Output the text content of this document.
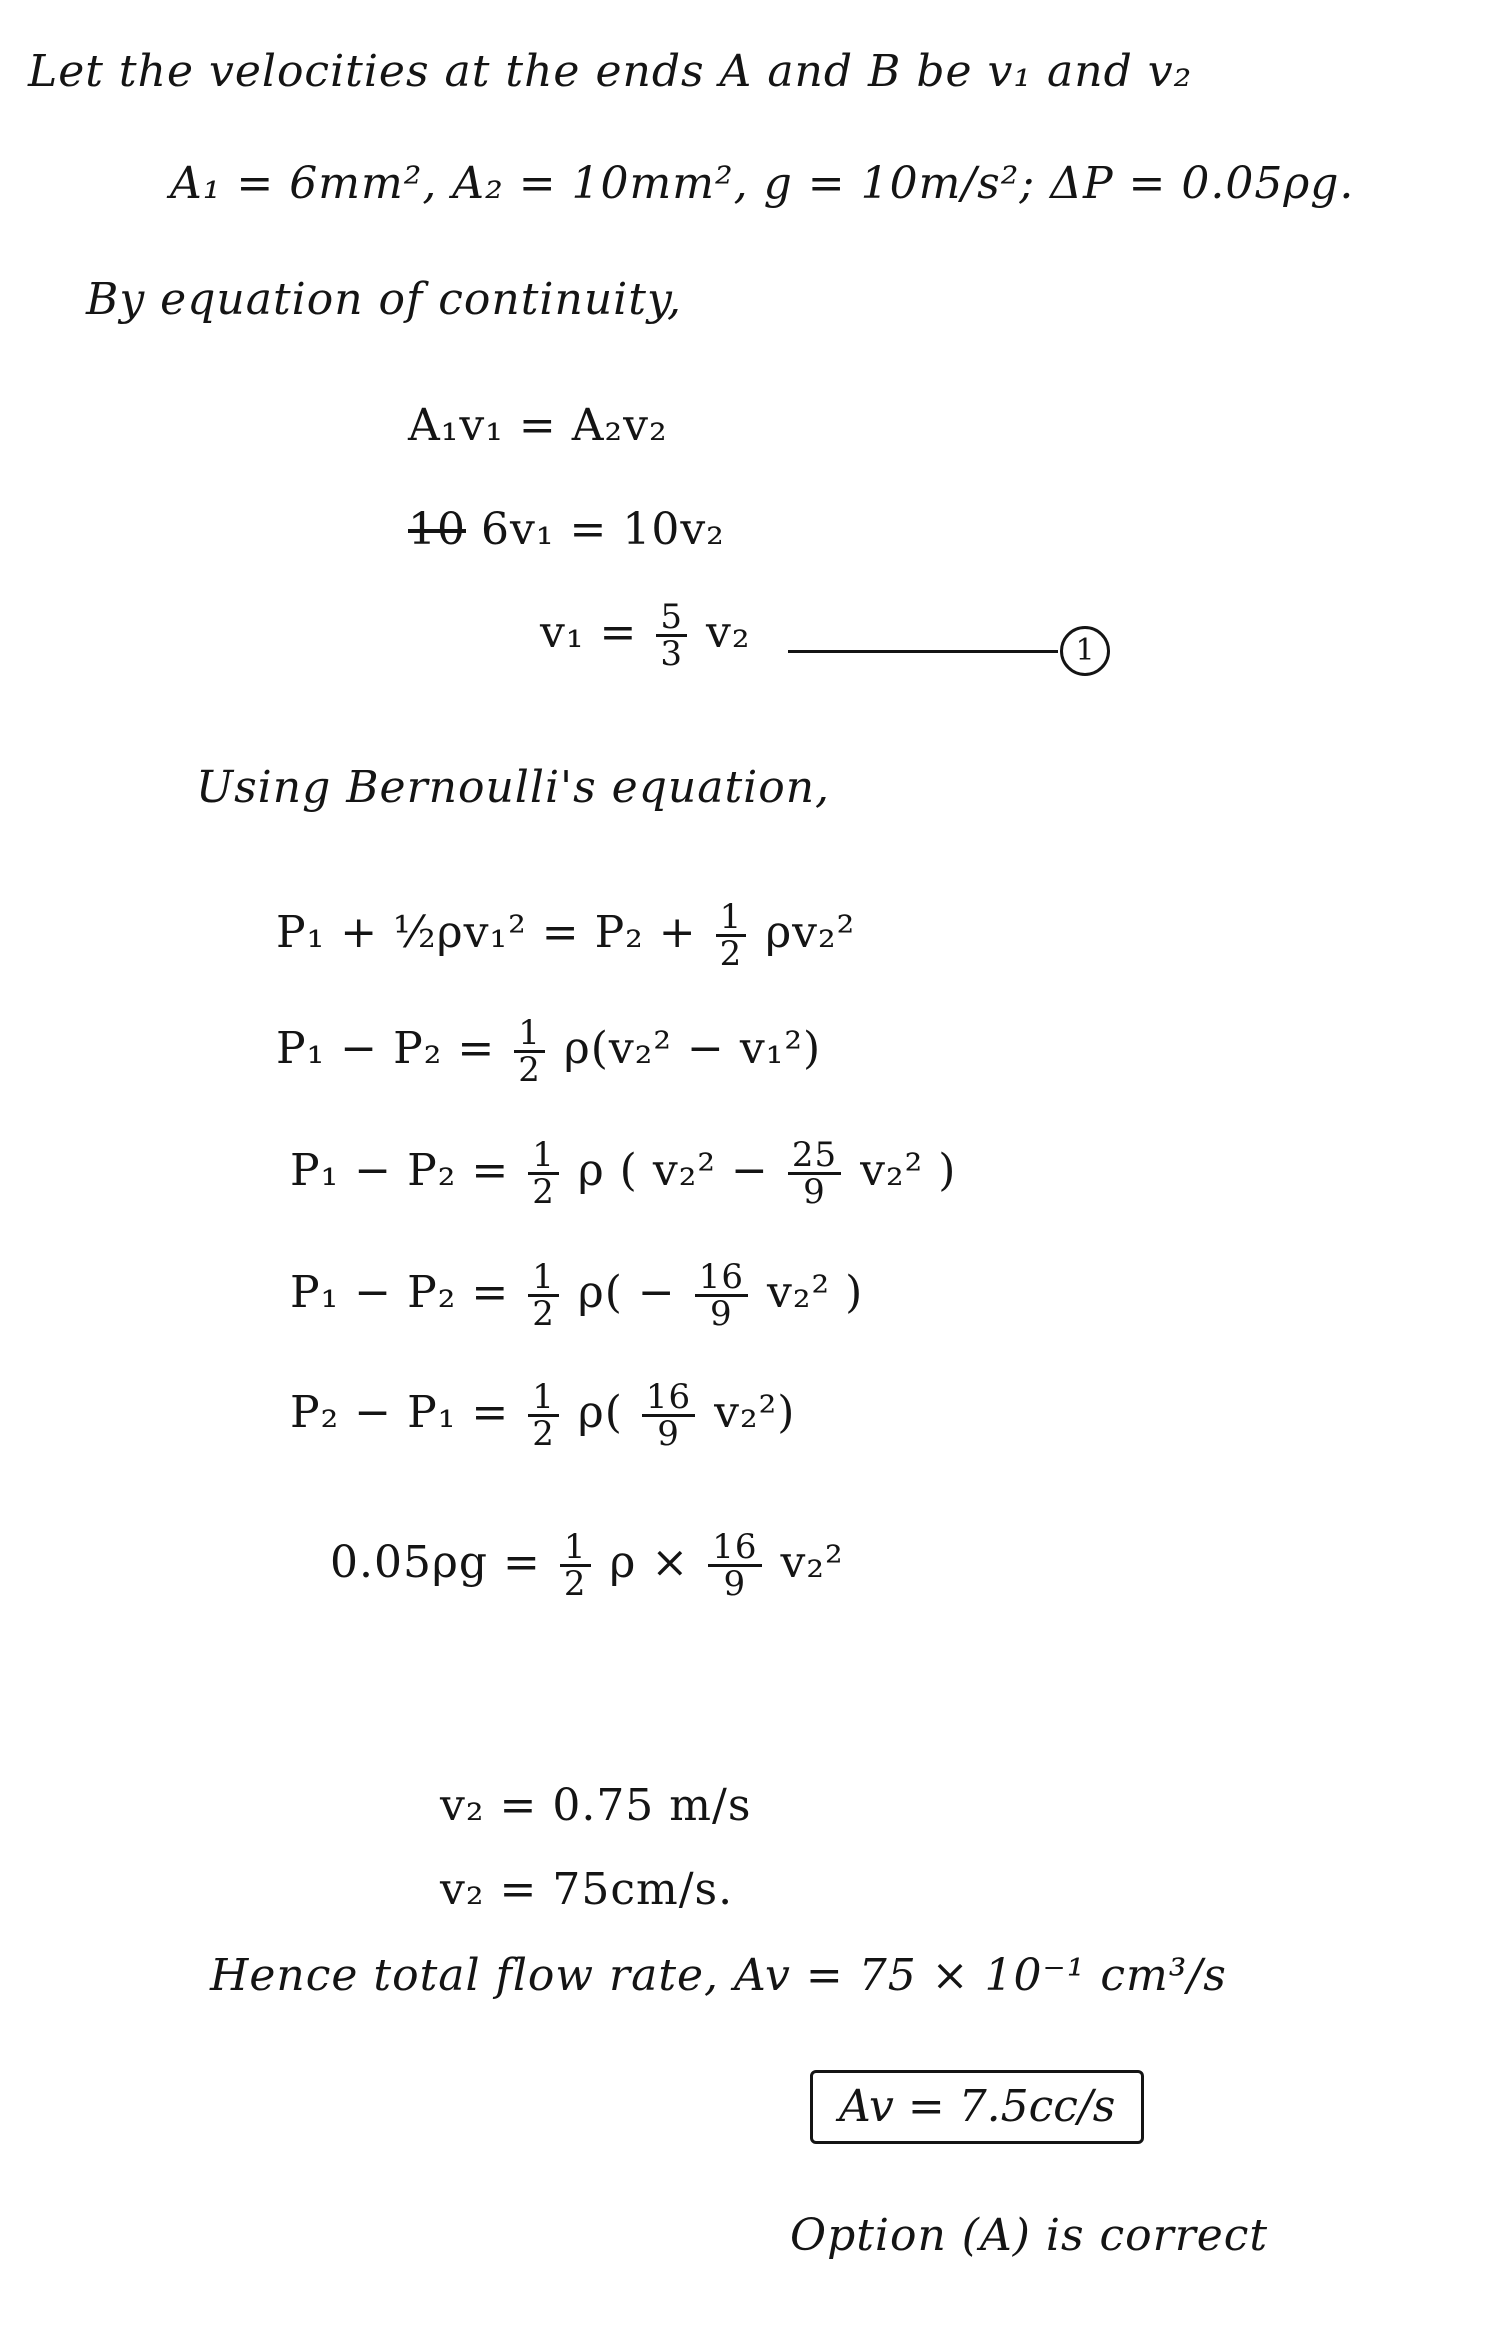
Let the velocities at the ends A and B be v₁ and v₂
A₁ = 6mm², A₂ = 10mm², g = 10m/s²; ΔP = 0.05ρg.
By equation of continuity,
A₁v₁ = A₂v₂
10 6v₁ = 10v₂
$v_1 = \frac{5}{3} v_2$	1
Using Bernoulli's equation,
P₁ + ½ρv₁² = $P_2 + \frac{1}{2} \rho v_2^2$
$P_1 - P_2 = \frac{1}{2} \rho(v_2^2 - v_1^2)$
$P_1 - P_2 = \frac{1}{2}$ ρ ( $v_2^2 - \frac{25}{9} v_2^2$ )
$P_1 - P_2 = \frac{1}{2} \rho( - \frac{16}{9} v_2^2$ )
$P_2 - P_1 = \frac{1}{2} \rho( \frac{16}{9} v_2^2)$
$0.05\rho g = \frac{1}{2}$ $\rho \times \frac{16}{9} v_2^2$
v₂ = 0.75 m/s
v₂ = 75cm/s.
Hence total flow rate, Av = 75 × 10⁻¹ cm³/s
Av = 7.5cc/s
Option (A) is correct
